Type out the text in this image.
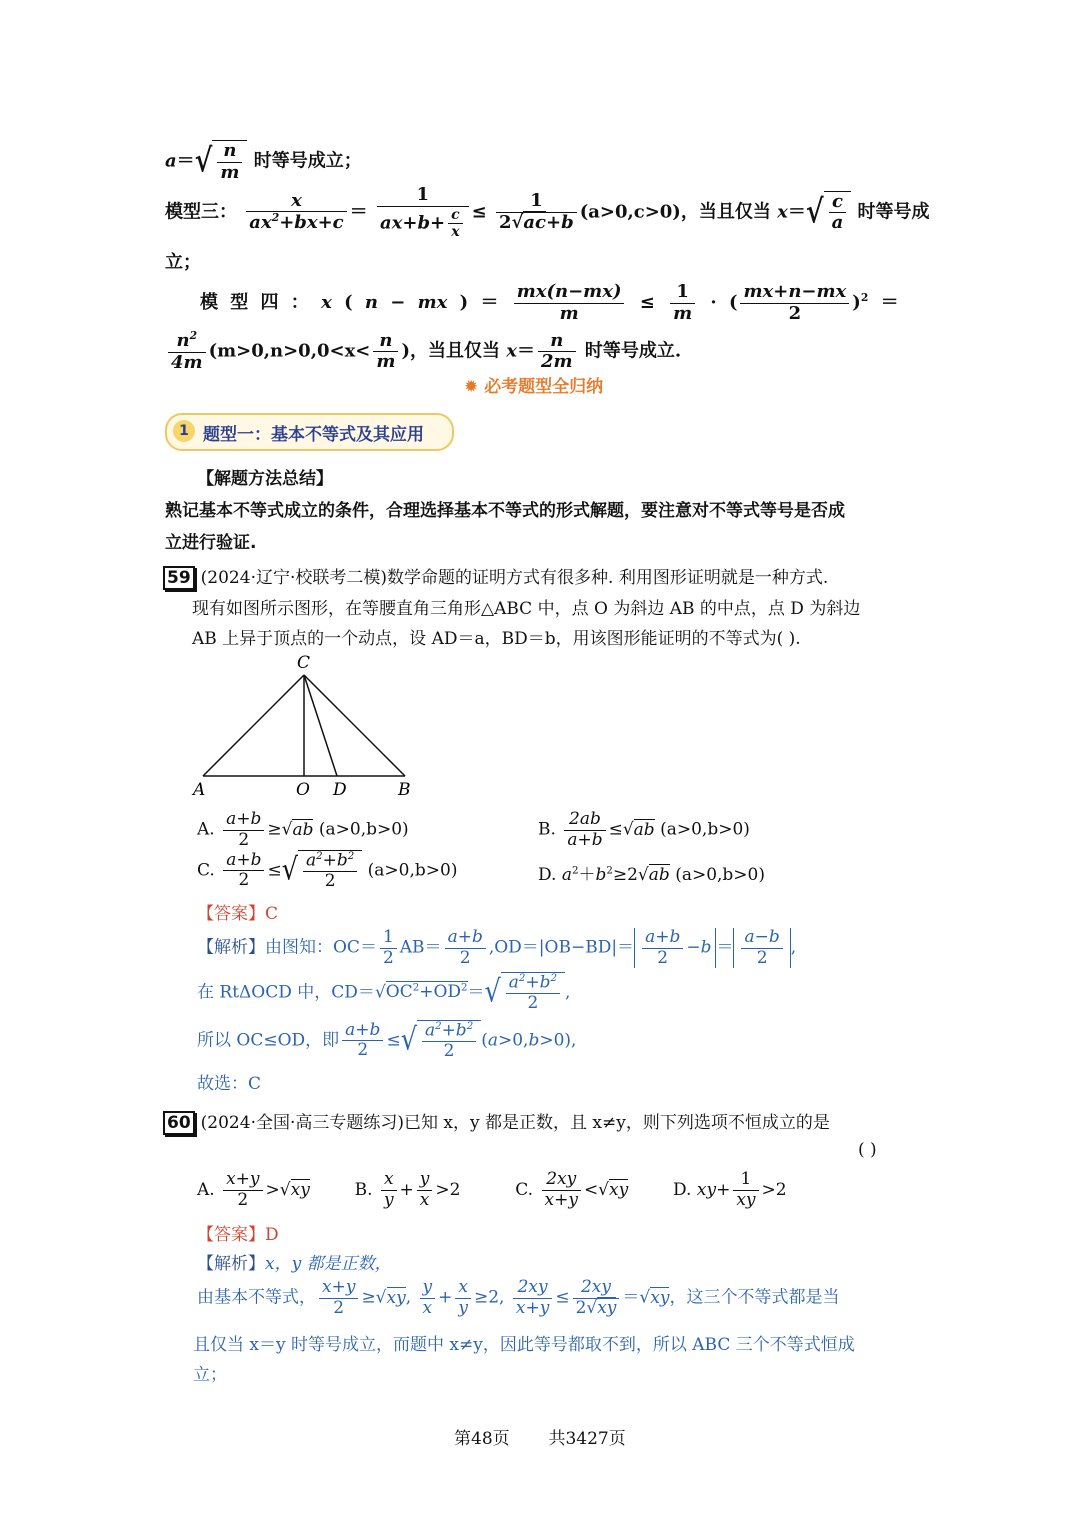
$a=√ \frac{n}{m}$ 时等号成立；
模型三： $\frac{x}{ax^2+bx+c} = \frac{1}{ax+b+ \frac{c}{x}} \le \frac{1}{2√ac+b} (a>0,c>0)$，当且仅当 $x=√ \frac{c}{a}$ 时等号成
立；
模 型 四 ： x ( n − mx ) ＝ $\frac{mx(n-mx)}{m} \le \frac{1}{m}$ · ( $\frac{mx+n-mx}{2} )^2$ ＝
$\frac{n^2}{4m} (m>0,n>0,0<x< \frac{n}{m}$ )，当且仅当 $x= \frac{n}{2m}$ 时等号成立.
✹ 必考题型全归纳
1 题型一：基本不等式及其应用
【解题方法总结】
熟记基本不等式成立的条件，合理选择基本不等式的形式解题，要注意对不等式等号是否成
立进行验证.
59 (2024·辽宁·校联考二模)数学命题的证明方式有很多种. 利用图形证明就是一种方式.
现有如图所示图形，在等腰直角三角形△ABC 中，点 O 为斜边 AB 的中点，点 D 为斜边
AB 上异于顶点的一个动点，设 AD＝a，BD＝b，用该图形能证明的不等式为( ).
C
A	O D	B
A. $\frac{a+b}{2} \ge√ab$ (a>0,b>0)	B. $\frac{2ab}{a+b} \le√ab$ (a>0,b>0)
C. $\frac{a+b}{2}$ ≤√ $\frac{a^2+b^2}{2} (a>0,b>0)$	D. $a^2+b^2\ge 2√ab$ (a>0,b>0)
【答案】C
【解析】由图知：$OC= \frac{1}{2} AB= \frac{a+b}{2} ,OD=|OB-BD|= \frac{a+b}{2} -b = \frac{a-b}{2}$ ,
在 RtΔOCD 中，$CD=√OC^2+OD^2=√ \frac{a^2+b^2}{2}$ ,
所以 OC≤OD，即 $\frac{a+b}{2}$ ≤√ $\frac{a^2+b^2}{2} (a>0,b>0)$,
故选：C
60 (2024·全国·高三专题练习)已知 x，y 都是正数，且 x≠y，则下列选项不恒成立的是
( )
A. $\frac{x+y}{2} >√xy$	B. $\frac{x}{y} + \frac{y}{x} >2$	C. $\frac{2xy}{x+y} <√xy$	D. $xy+ \frac{1}{xy} >2$
【答案】D
【解析】x，y 都是正数，
由基本不等式， $\frac{x+y}{2} \ge√xy$, $\frac{y}{x} + \frac{x}{y} \ge 2$, $\frac{2xy}{x+y} \le \frac{2xy}{2√xy} =√xy$，这三个不等式都是当
且仅当 x＝y 时等号成立，而题中 x≠y，因此等号都取不到，所以 ABC 三个不等式恒成
立；
第48页 共3427页
